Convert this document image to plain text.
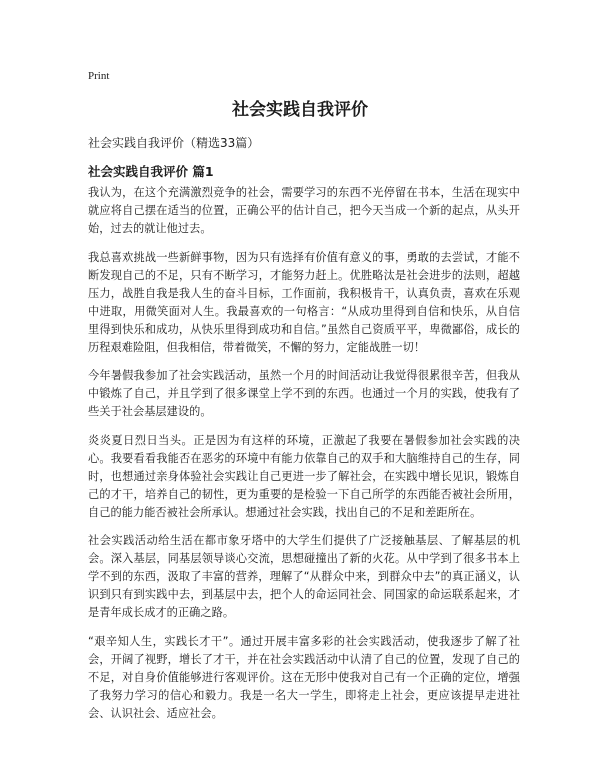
Print
社会实践自我评价

社会实践自我评价（精选33篇）

社会实践自我评价 篇1

我认为，在这个充满激烈竞争的社会，需要学习的东西不光停留在书本，生活在现实中就应将自己摆在适当的位置，正确公平的估计自己，把今天当成一个新的起点，从头开始，过去的就让他过去。

我总喜欢挑战一些新鲜事物，因为只有选择有价值有意义的事，勇敢的去尝试，才能不断发现自己的不足，只有不断学习，才能努力赶上。优胜略汰是社会进步的法则，超越压力，战胜自我是我人生的奋斗目标，工作面前，我积极肯干，认真负责，喜欢在乐观中进取，用微笑面对人生。我最喜欢的一句格言：“从成功里得到自信和快乐，从自信里得到快乐和成功，从快乐里得到成功和自信。”虽然自己资质平平，卑微鄙俗，成长的历程艰难险阻，但我相信，带着微笑，不懈的努力，定能战胜一切！

今年暑假我参加了社会实践活动，虽然一个月的时间活动让我觉得很累很辛苦，但我从中锻炼了自己，并且学到了很多课堂上学不到的东西。也通过一个月的实践，使我有了些关于社会基层建设的。

炎炎夏日烈日当头。正是因为有这样的环境，正激起了我要在暑假参加社会实践的决心。我要看看我能否在恶劣的环境中有能力依靠自己的双手和大脑维持自己的生存，同时，也想通过亲身体验社会实践让自己更进一步了解社会，在实践中增长见识，锻炼自己的才干，培养自己的韧性，更为重要的是检验一下自己所学的东西能否被社会所用，自己的能力能否被社会所承认。想通过社会实践，找出自己的不足和差距所在。

社会实践活动给生活在都市象牙塔中的大学生们提供了广泛接触基层、了解基层的机会。深入基层，同基层领导谈心交流，思想碰撞出了新的火花。从中学到了很多书本上学不到的东西，汲取了丰富的营养，理解了“从群众中来，到群众中去”的真正涵义，认识到只有到实践中去，到基层中去，把个人的命运同社会、同国家的命运联系起来，才是青年成长成才的正确之路。

“艰辛知人生，实践长才干”。通过开展丰富多彩的社会实践活动，使我逐步了解了社会，开阔了视野，增长了才干，并在社会实践活动中认清了自己的位置，发现了自己的不足，对自身价值能够进行客观评价。这在无形中使我对自己有一个正确的定位，增强了我努力学习的信心和毅力。我是一名大一学生，即将走上社会，更应该提早走进社会、认识社会、适应社会。
